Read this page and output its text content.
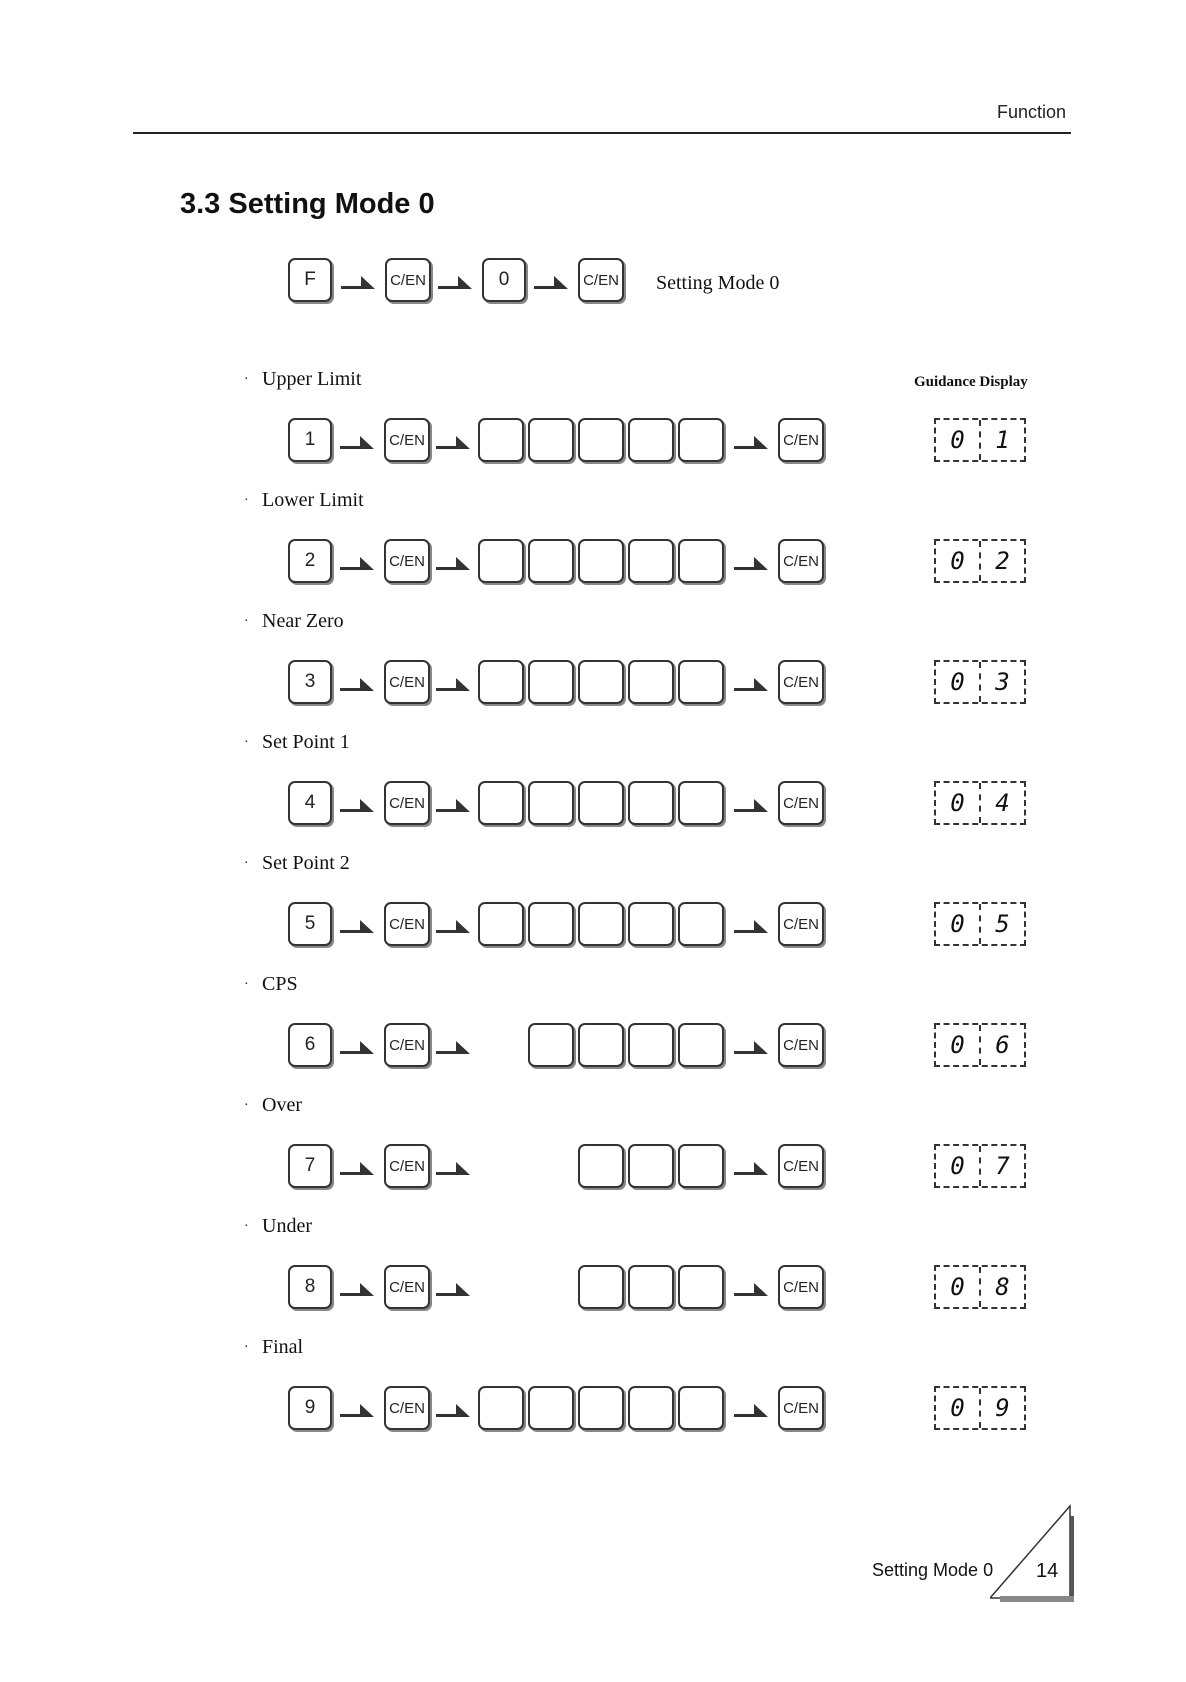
Function
3.3 Setting Mode 0
F	C/EN	0	C/EN Setting Mode 0
Guidance Display
· Upper Limit
1	C/EN	C/EN	0	1
· Lower Limit
2	C/EN	C/EN	0	2
· Near Zero
3	C/EN	C/EN	0	3
· Set Point 1
4	C/EN	C/EN	0	4
· Set Point 2
5	C/EN	C/EN	0	5
· CPS
6	C/EN	C/EN	0	6
· Over
7	C/EN	C/EN	0	7
· Under
8	C/EN	C/EN	0	8
· Final
9	C/EN	C/EN	0	9
Setting Mode 0 14
